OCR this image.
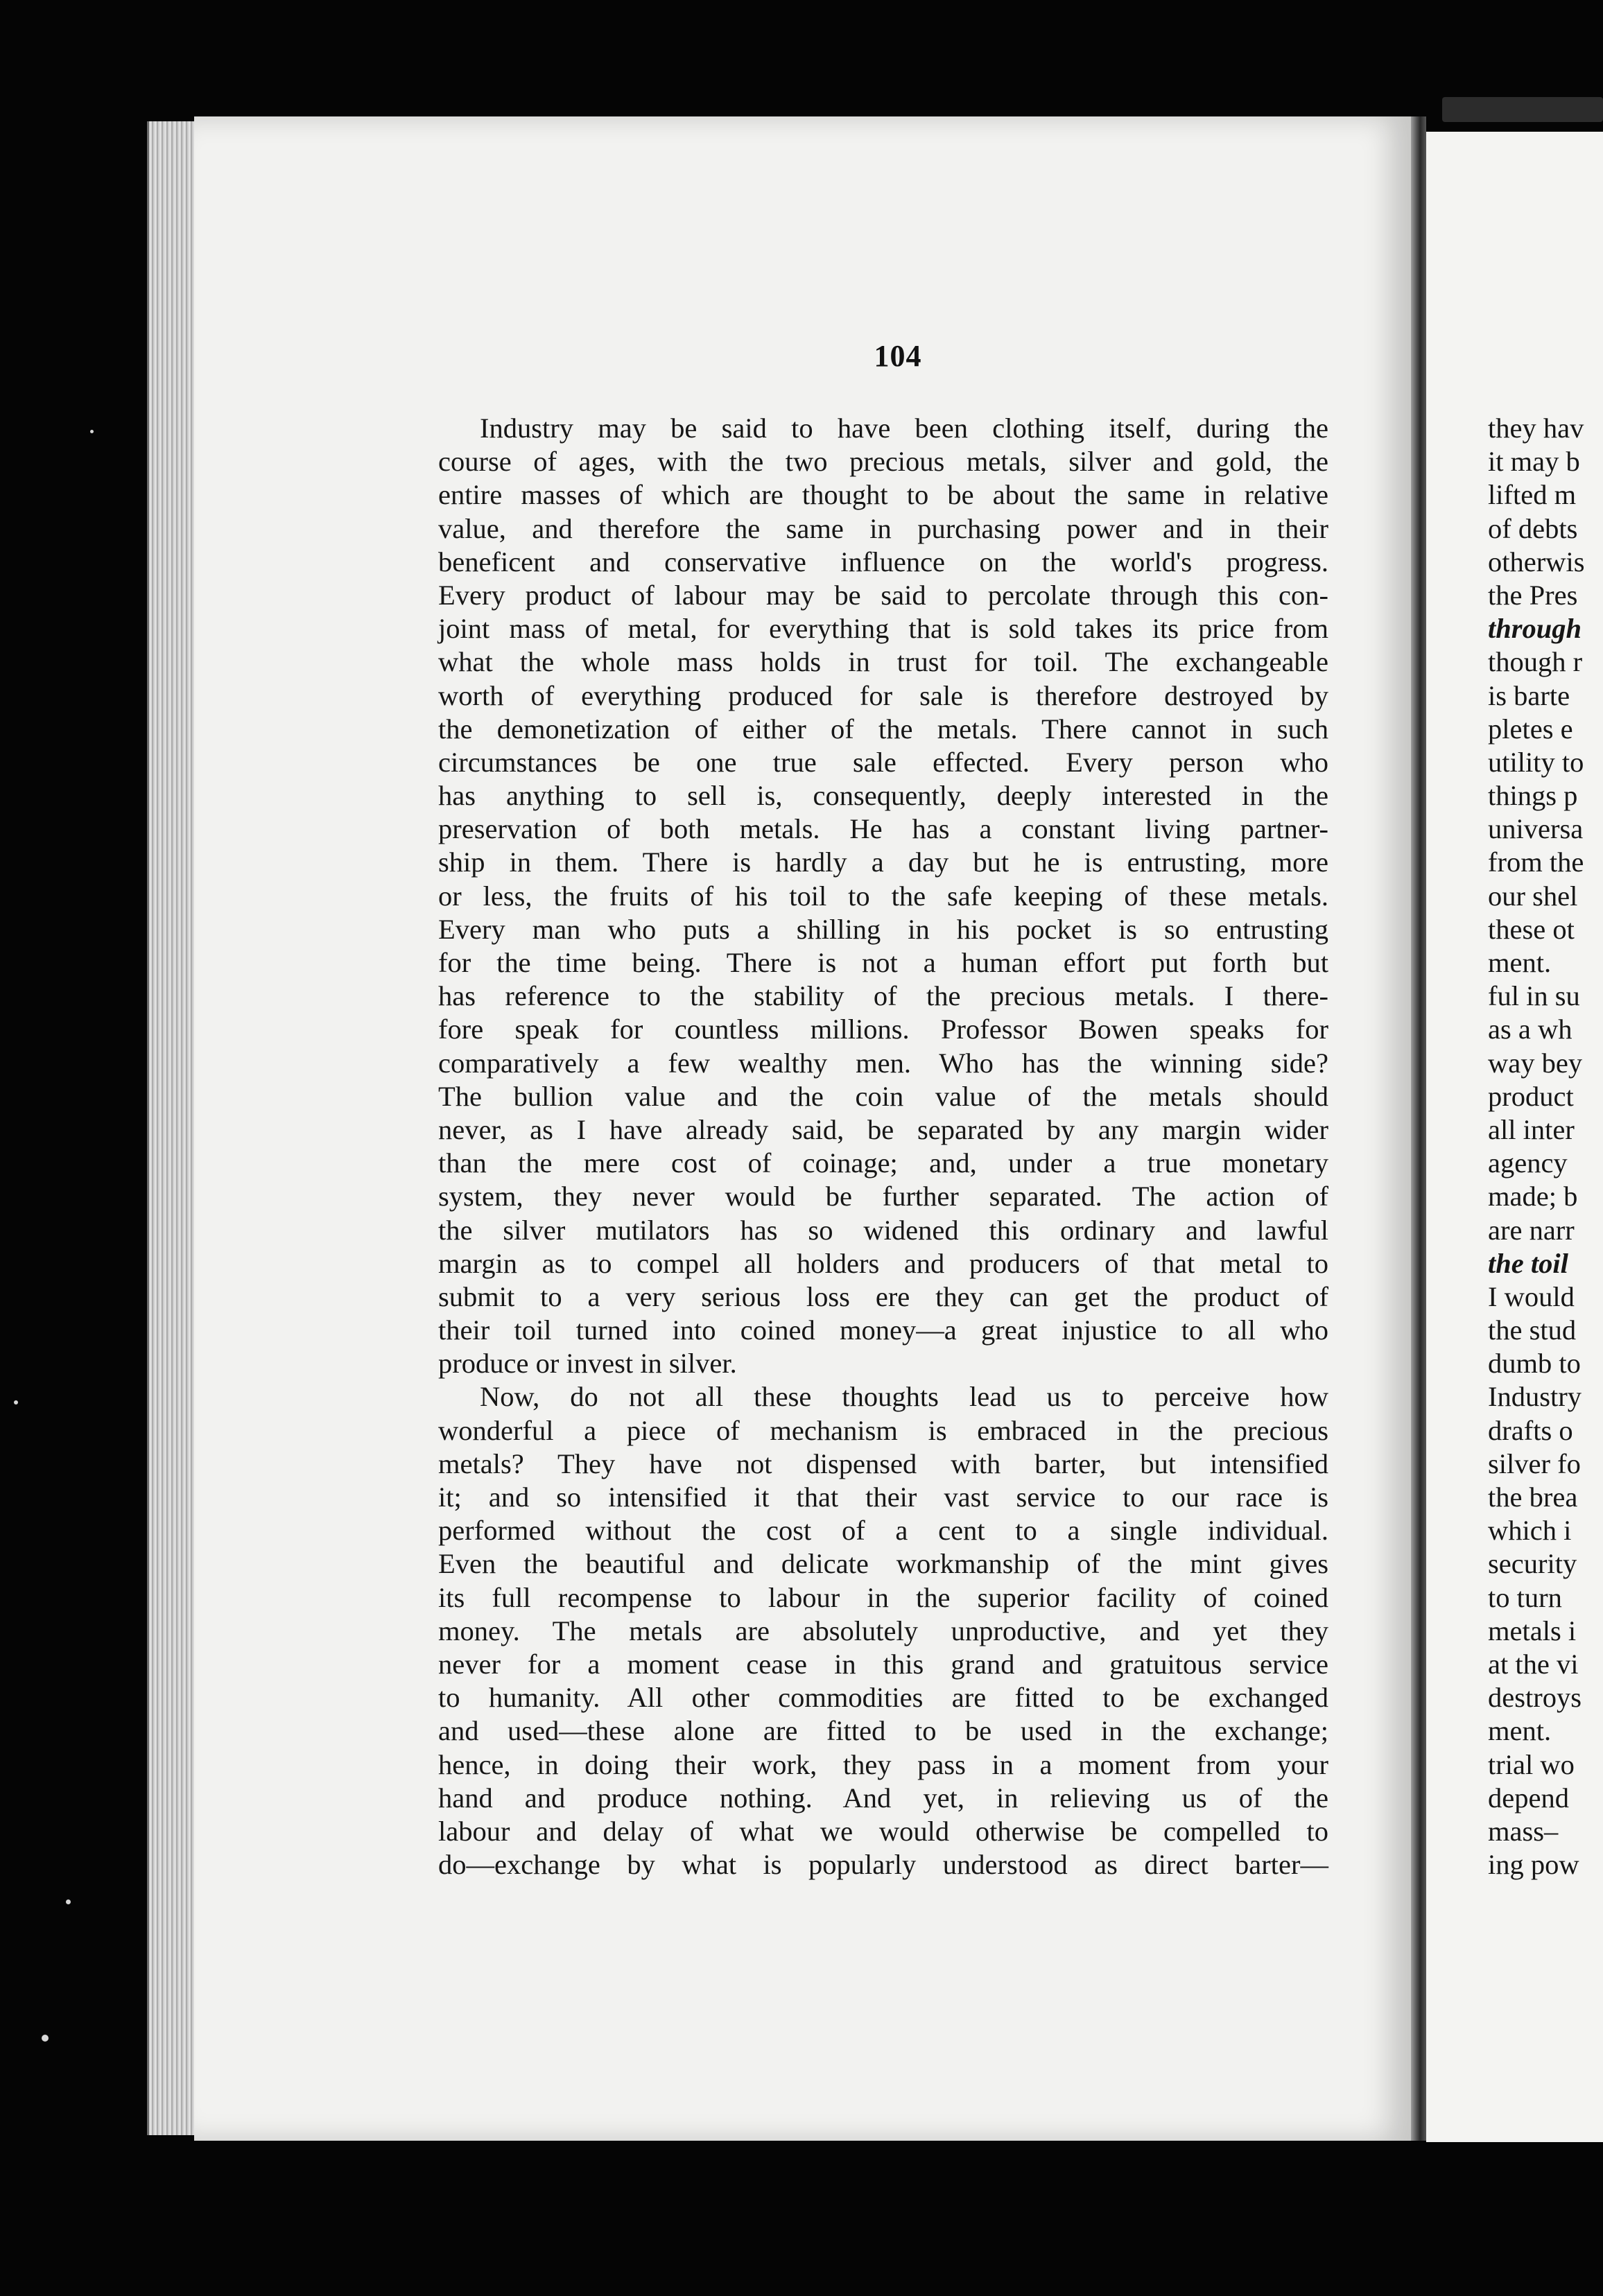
104
Industry may be said to have been clothing itself, during the
course of ages, with the two precious metals, silver and gold, the
entire masses of which are thought to be about the same in relative
value, and therefore the same in purchasing power and in their
beneficent and conservative influence on the world's progress.
Every product of labour may be said to percolate through this con-
joint mass of metal, for everything that is sold takes its price from
what the whole mass holds in trust for toil. The exchangeable
worth of everything produced for sale is therefore destroyed by
the demonetization of either of the metals. There cannot in such
circumstances be one true sale effected. Every person who
has anything to sell is, consequently, deeply interested in the
preservation of both metals. He has a constant living partner-
ship in them. There is hardly a day but he is entrusting, more
or less, the fruits of his toil to the safe keeping of these metals.
Every man who puts a shilling in his pocket is so entrusting
for the time being. There is not a human effort put forth but
has reference to the stability of the precious metals. I there-
fore speak for countless millions. Professor Bowen speaks for
comparatively a few wealthy men. Who has the winning side?
The bullion value and the coin value of the metals should
never, as I have already said, be separated by any margin wider
than the mere cost of coinage; and, under a true monetary
system, they never would be further separated. The action of
the silver mutilators has so widened this ordinary and lawful
margin as to compel all holders and producers of that metal to
submit to a very serious loss ere they can get the product of
their toil turned into coined money—a great injustice to all who
produce or invest in silver.
Now, do not all these thoughts lead us to perceive how
wonderful a piece of mechanism is embraced in the precious
metals? They have not dispensed with barter, but intensified
it; and so intensified it that their vast service to our race is
performed without the cost of a cent to a single individual.
Even the beautiful and delicate workmanship of the mint gives
its full recompense to labour in the superior facility of coined
money. The metals are absolutely unproductive, and yet they
never for a moment cease in this grand and gratuitous service
to humanity. All other commodities are fitted to be exchanged
and used—these alone are fitted to be used in the exchange;
hence, in doing their work, they pass in a moment from your
hand and produce nothing. And yet, in relieving us of the
labour and delay of what we would otherwise be compelled to
do—exchange by what is popularly understood as direct barter—
they hav
it may b
lifted m
of debts
otherwis
the Pres
through
though r
is barte
pletes e
utility to
things p
universa
from the
our shel
these ot
ment.
ful in su
as a wh
way bey
product
all inter
agency
made; b
are narr
the toil
I would
the stud
dumb to
Industry
drafts o
silver fo
the brea
which i
security
to turn
metals i
at the vi
destroys
ment.
trial wo
depend
mass–
ing pow
